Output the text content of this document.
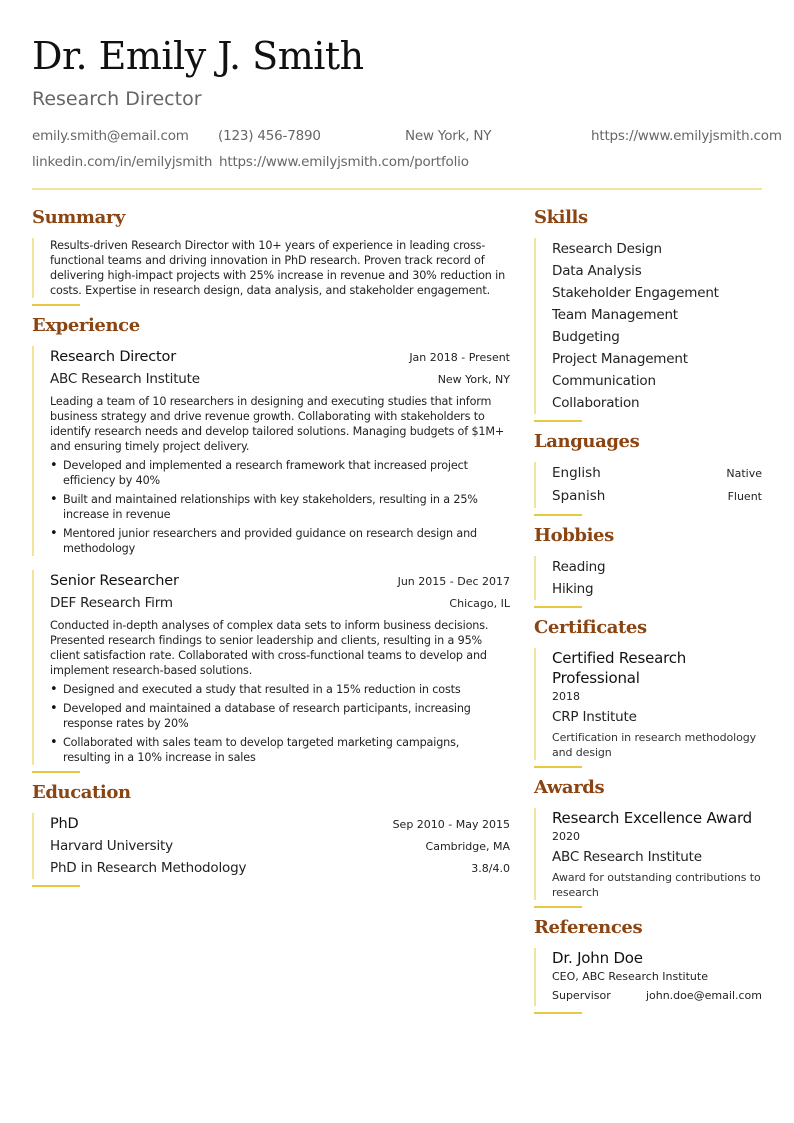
Dr. Emily J. Smith
Research Director
emily.smith@email.com (123) 456-7890	New York, NY	https://www.emilyjsmith.com
linkedin.com/in/emilyjsmith https://www.emilyjsmith.com/portfolio
Summary
Results-driven Research Director with 10+ years of experience in leading cross-functional teams and driving innovation in PhD research. Proven track record of delivering high-impact projects with 25% increase in revenue and 30% reduction in costs. Expertise in research design, data analysis, and stakeholder engagement.
Experience
Research Director	Jan 2018 - Present
ABC Research Institute	New York, NY
Leading a team of 10 researchers in designing and executing studies that inform business strategy and drive revenue growth. Collaborating with stakeholders to identify research needs and develop tailored solutions. Managing budgets of $1M+ and ensuring timely project delivery.
• Developed and implemented a research framework that increased project efficiency by 40%
• Built and maintained relationships with key stakeholders, resulting in a 25% increase in revenue
• Mentored junior researchers and provided guidance on research design and methodology
Senior Researcher	Jun 2015 - Dec 2017
DEF Research Firm	Chicago, IL
Conducted in-depth analyses of complex data sets to inform business decisions. Presented research findings to senior leadership and clients, resulting in a 95% client satisfaction rate. Collaborated with cross-functional teams to develop and implement research-based solutions.
• Designed and executed a study that resulted in a 15% reduction in costs
• Developed and maintained a database of research participants, increasing response rates by 20%
• Collaborated with sales team to develop targeted marketing campaigns, resulting in a 10% increase in sales
Education
PhD	Sep 2010 - May 2015
Harvard University	Cambridge, MA
PhD in Research Methodology	3.8/4.0
Skills
Research Design
Data Analysis
Stakeholder Engagement
Team Management
Budgeting
Project Management
Communication
Collaboration
Languages
English	Native
Spanish	Fluent
Hobbies
Reading
Hiking
Certificates
Certified Research Professional
2018
CRP Institute
Certification in research methodology and design
Awards
Research Excellence Award
2020
ABC Research Institute
Award for outstanding contributions to research
References
Dr. John Doe
CEO, ABC Research Institute
Supervisor	john.doe@email.com
